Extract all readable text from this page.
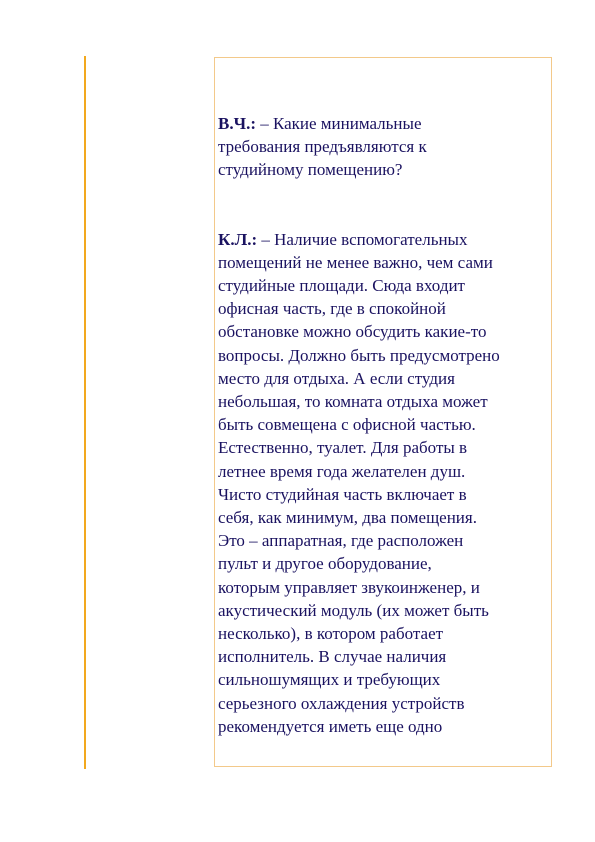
В.Ч.: – Какие минимальные
требования предъявляются к
студийному помещению?

К.Л.: – Наличие вспомогательных
помещений не менее важно, чем сами
студийные площади. Сюда входит
офисная часть, где в спокойной
обстановке можно обсудить какие-то
вопросы. Должно быть предусмотрено
место для отдыха. А если студия
небольшая, то комната отдыха может
быть совмещена с офисной частью.
Естественно, туалет. Для работы в
летнее время года желателен душ.
Чисто студийная часть включает в
себя, как минимум, два помещения.
Это – аппаратная, где расположен
пульт и другое оборудование,
которым управляет звукоинженер, и
акустический модуль (их может быть
несколько), в котором работает
исполнитель. В случае наличия
сильношумящих и требующих
серьезного охлаждения устройств
рекомендуется иметь еще одно
